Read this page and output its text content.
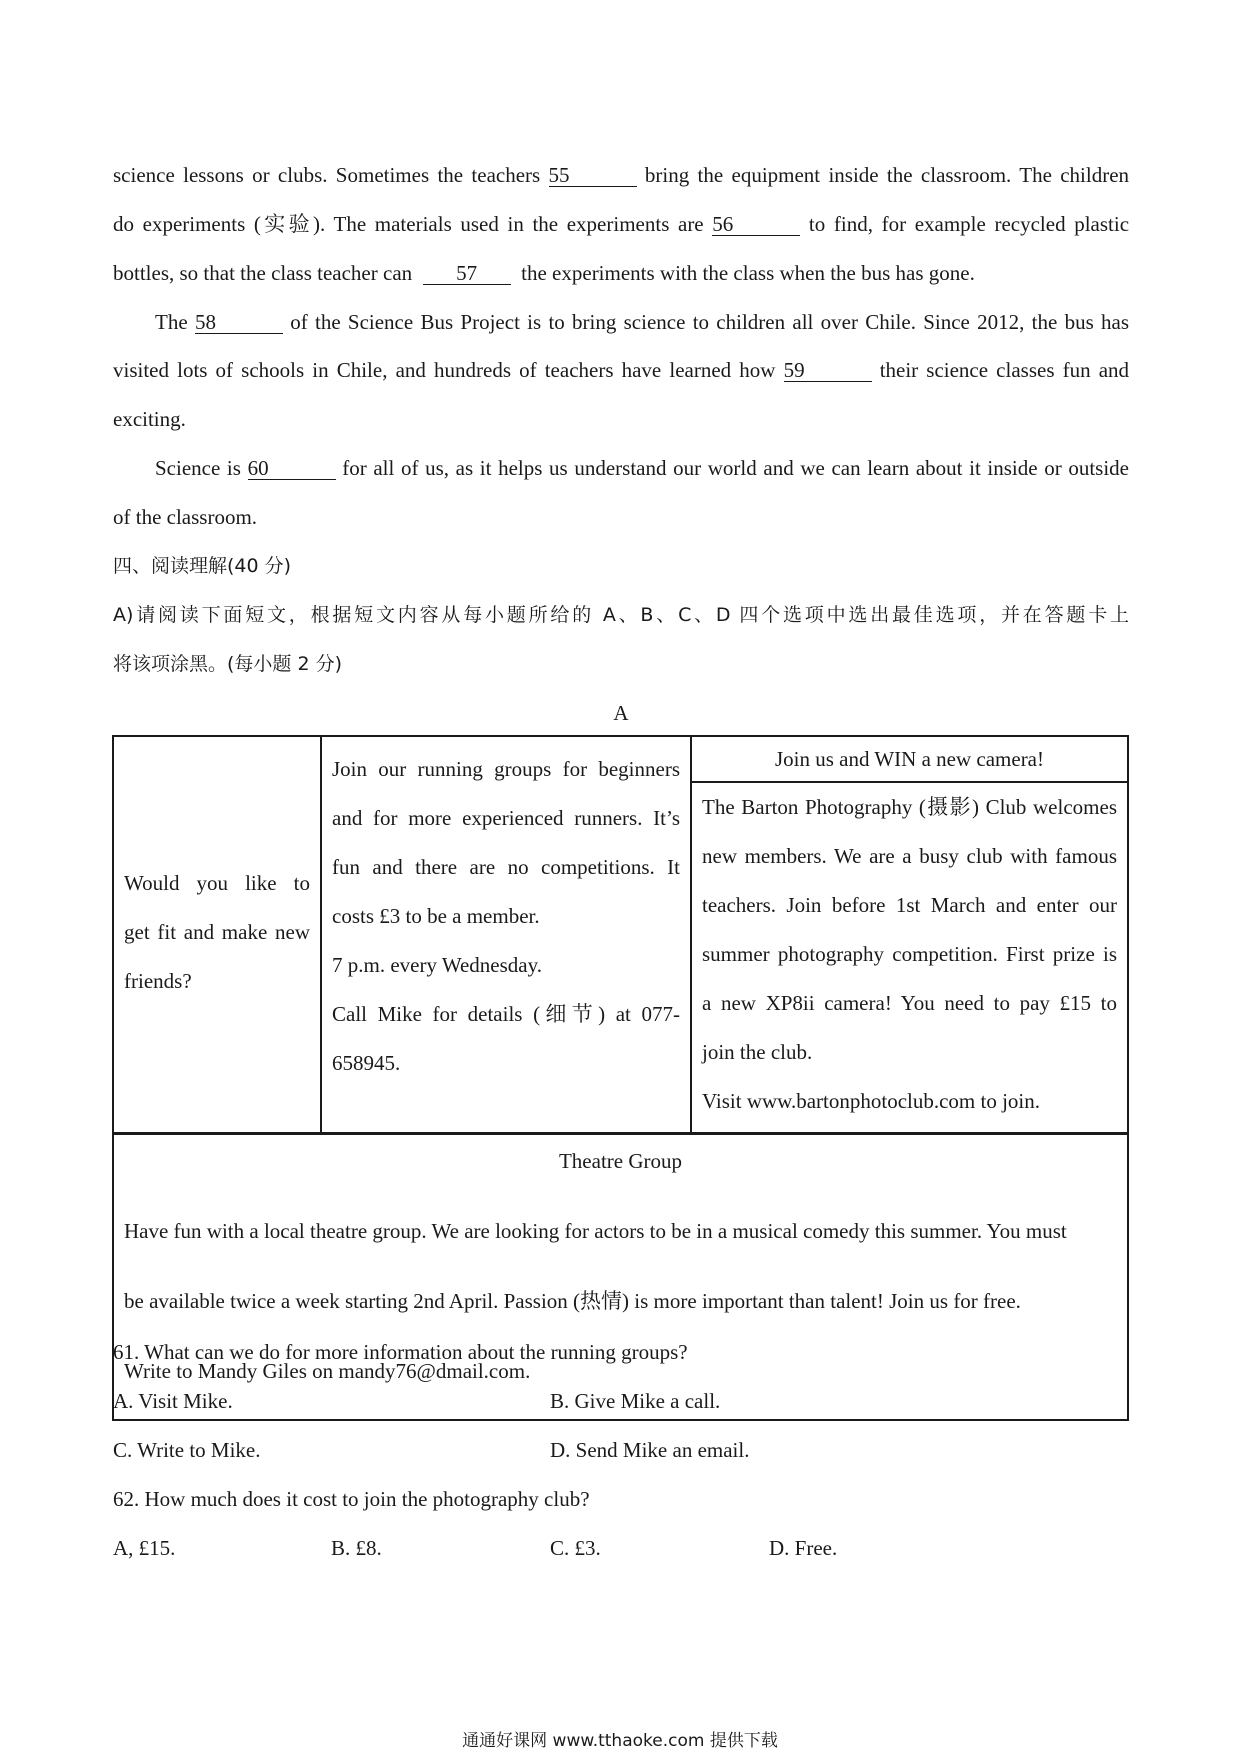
science lessons or clubs. Sometimes the teachers 55	bring the equipment inside the classroom. The children
do experiments (实验). The materials used in the experiments are 56	to find, for example recycled plastic
bottles, so that the class teacher can 57 the experiments with the class when the bus has gone.
The 58	of the Science Bus Project is to bring science to children all over Chile. Since 2012, the bus has
visited lots of schools in Chile, and hundreds of teachers have learned how 59	their science classes fun and
exciting.
Science is 60	for all of us, as it helps us understand our world and we can learn about it inside or outside
of the classroom.
四、阅读理解(40 分)
A)请阅读下面短文，根据短文内容从每小题所给的 A、B、C、D 四个选项中选出最佳选项，并在答题卡上
将该项涂黑。(每小题 2 分)
A

Would you like to

get fit and make new

friends?

Join our running groups for beginners

and for more experienced runners. It’s

fun and there are no competitions. It

costs £3 to be a member.

7 p.m. every Wednesday.

Call Mike for details (细节) at 077-

658945.

Join us and WIN a new camera!

The Barton Photography (摄影) Club welcomes

new members. We are a busy club with famous

teachers. Join before 1st March and enter our

summer photography competition. First prize is

a new XP8ii camera! You need to pay £15 to

join the club.

Visit www.bartonphotoclub.com to join.

Theatre Group

Have fun with a local theatre group. We are looking for actors to be in a musical comedy this summer. You must

be available twice a week starting 2nd April. Passion (热情) is more important than talent! Join us for free.

Write to Mandy Giles on mandy76@dmail.com.

61. What can we do for more information about the running groups?
A. Visit Mike.	B. Give Mike a call.
C. Write to Mike.	D. Send Mike an email.
62. How much does it cost to join the photography club?
A, £15.	B. £8.	C. £3.	D. Free.
通通好课网 www.tthaoke.com 提供下载
